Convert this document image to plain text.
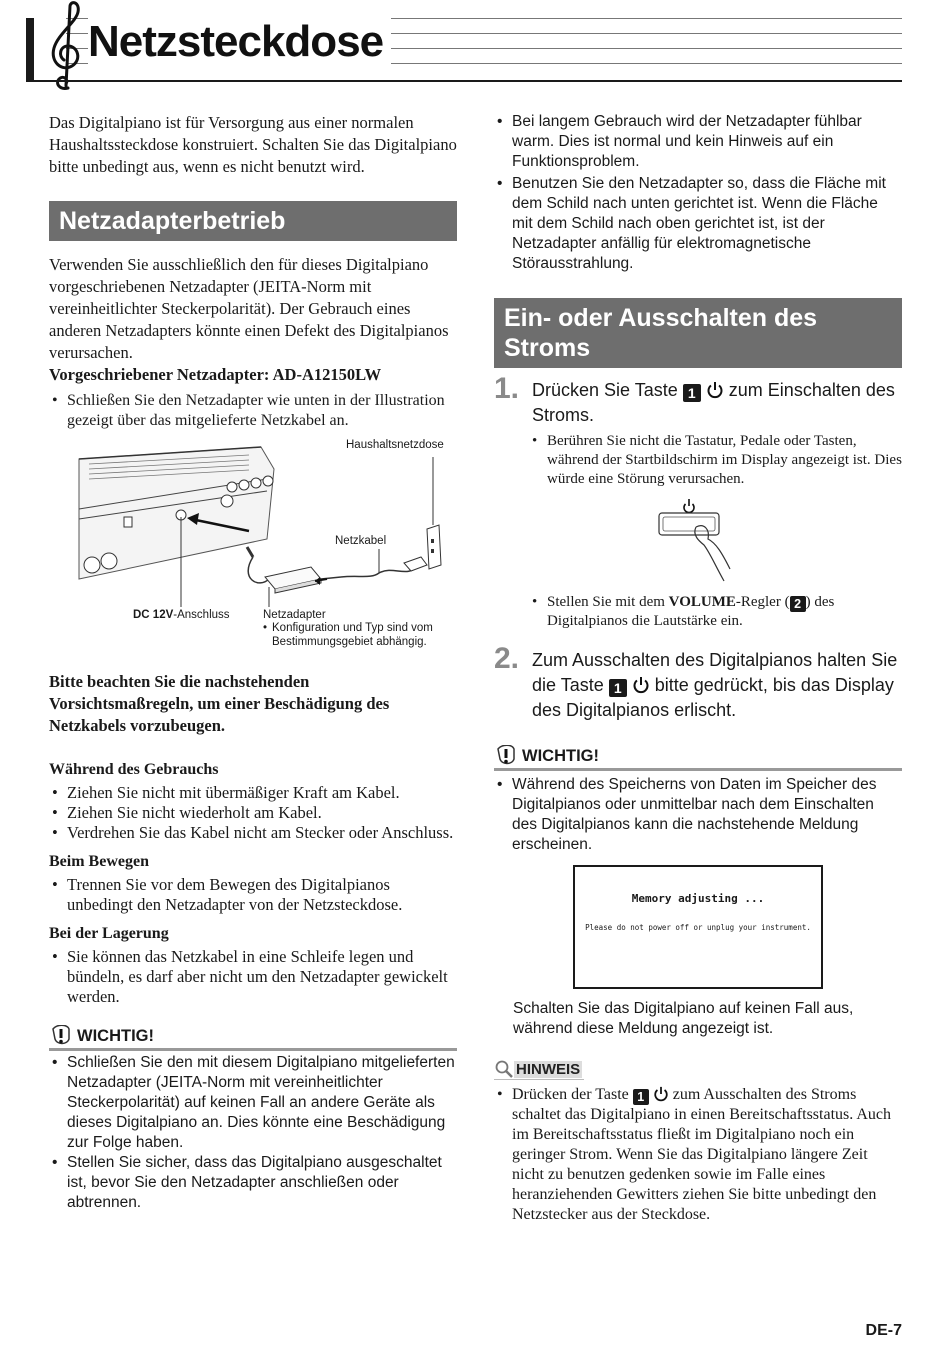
Netzsteckdose

Das Digitalpiano ist für Versorgung aus einer normalen Haushaltssteckdose konstruiert. Schalten Sie das Digitalpiano bitte unbedingt aus, wenn es nicht benutzt wird.

Netzadapterbetrieb

Verwenden Sie ausschließlich den für dieses Digitalpiano vorgeschriebenen Netzadapter (JEITA-Norm mit vereinheitlichter Steckerpolarität). Der Gebrauch eines anderen Netzadapters könnte einen Defekt des Digitalpianos verursachen.

Vorgeschriebener Netzadapter: AD-A12150LW

• Schließen Sie den Netzadapter wie unten in der Illustration gezeigt über das mitgelieferte Netzkabel an.
Haushaltsnetzdose
Netzkabel
DC 12V-Anschluss	Netzadapter
• Konfiguration und Typ sind vom Bestimmungsgebiet abhängig.

Bitte beachten Sie die nachstehenden Vorsichtsmaßregeln, um einer Beschädigung des Netzkabels vorzubeugen.

Während des Gebrauchs

• Ziehen Sie nicht mit übermäßiger Kraft am Kabel.
• Ziehen Sie nicht wiederholt am Kabel.
• Verdrehen Sie das Kabel nicht am Stecker oder Anschluss.

Beim Bewegen

• Trennen Sie vor dem Bewegen des Digitalpianos unbedingt den Netzadapter von der Netzsteckdose.

Bei der Lagerung

• Sie können das Netzkabel in eine Schleife legen und bündeln, es darf aber nicht um den Netzadapter gewickelt werden.
WICHTIG!
• Schließen Sie den mit diesem Digitalpiano mitgelieferten Netzadapter (JEITA-Norm mit vereinheitlichter Steckerpolarität) auf keinen Fall an andere Geräte als dieses Digitalpiano an. Dies könnte eine Beschädigung zur Folge haben.
• Stellen Sie sicher, dass das Digitalpiano ausgeschaltet ist, bevor Sie den Netzadapter anschließen oder abtrennen.
• Bei langem Gebrauch wird der Netzadapter fühlbar warm. Dies ist normal und kein Hinweis auf ein Funktionsproblem.
• Benutzen Sie den Netzadapter so, dass die Fläche mit dem Schild nach unten gerichtet ist. Wenn die Fläche mit dem Schild nach oben gerichtet ist, ist der Netzadapter anfällig für elektromagnetische Störausstrahlung.
Ein- oder Ausschalten des Stroms
1. Drücken Sie Taste 1 zum Einschalten des Stroms.
• Berühren Sie nicht die Tastatur, Pedale oder Tasten, während der Startbildschirm im Display angezeigt ist. Dies würde eine Störung verursachen.
• Stellen Sie mit dem VOLUME-Regler ( 2 ) des Digitalpianos die Lautstärke ein.
2. Zum Ausschalten des Digitalpianos halten Sie die Taste 1 bitte gedrückt, bis das Display des Digitalpianos erlischt.
WICHTIG!
• Während des Speicherns von Daten im Speicher des Digitalpianos oder unmittelbar nach dem Einschalten des Digitalpianos kann die nachstehende Meldung erscheinen.
Memory adjusting ...
Please do not power off or unplug your instrument.

Schalten Sie das Digitalpiano auf keinen Fall aus, während diese Meldung angezeigt ist.

HINWEIS
• Drücken der Taste 1 zum Ausschalten des Stroms schaltet das Digitalpiano in einen Bereitschaftsstatus. Auch im Bereitschaftsstatus fließt im Digitalpiano noch ein geringer Strom. Wenn Sie das Digitalpiano längere Zeit nicht zu benutzen gedenken sowie im Falle eines heranziehenden Gewitters ziehen Sie bitte unbedingt den Netzstecker aus der Steckdose.
DE-7
